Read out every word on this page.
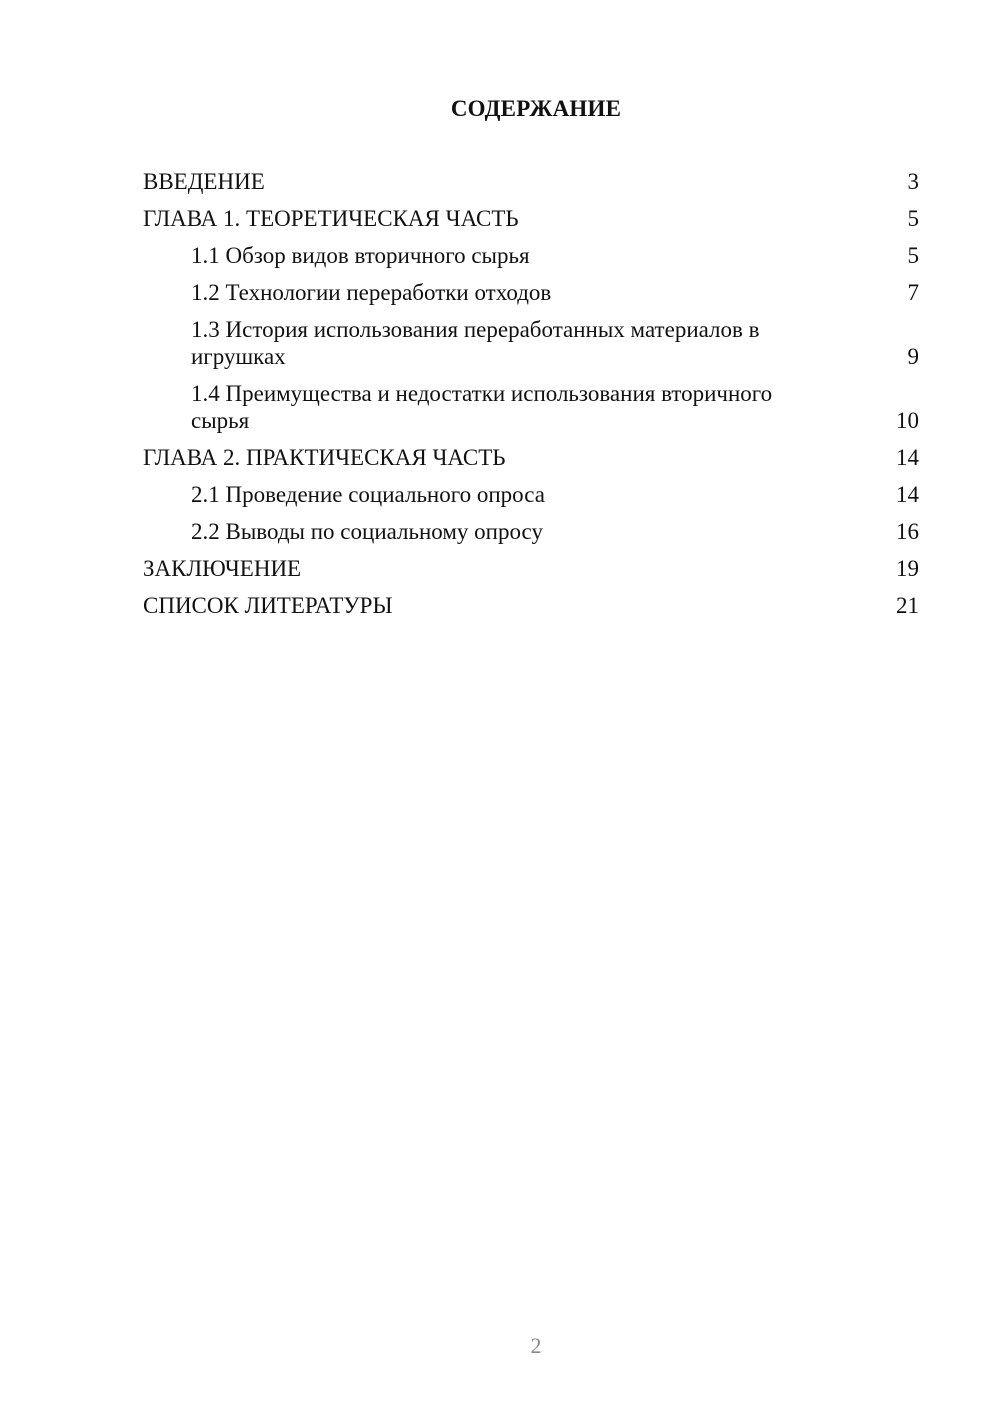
СОДЕРЖАНИЕ
ВВЕДЕНИЕ	3
ГЛАВА 1. ТЕОРЕТИЧЕСКАЯ ЧАСТЬ	5
1.1 Обзор видов вторичного сырья	5
1.2 Технологии переработки отходов	7
1.3 История использования переработанных материалов в игрушках	9
1.4 Преимущества и недостатки использования вторичного сырья	10
ГЛАВА 2. ПРАКТИЧЕСКАЯ ЧАСТЬ	14
2.1 Проведение социального опроса	14
2.2 Выводы по социальному опросу	16
ЗАКЛЮЧЕНИЕ	19
СПИСОК ЛИТЕРАТУРЫ	21
2
